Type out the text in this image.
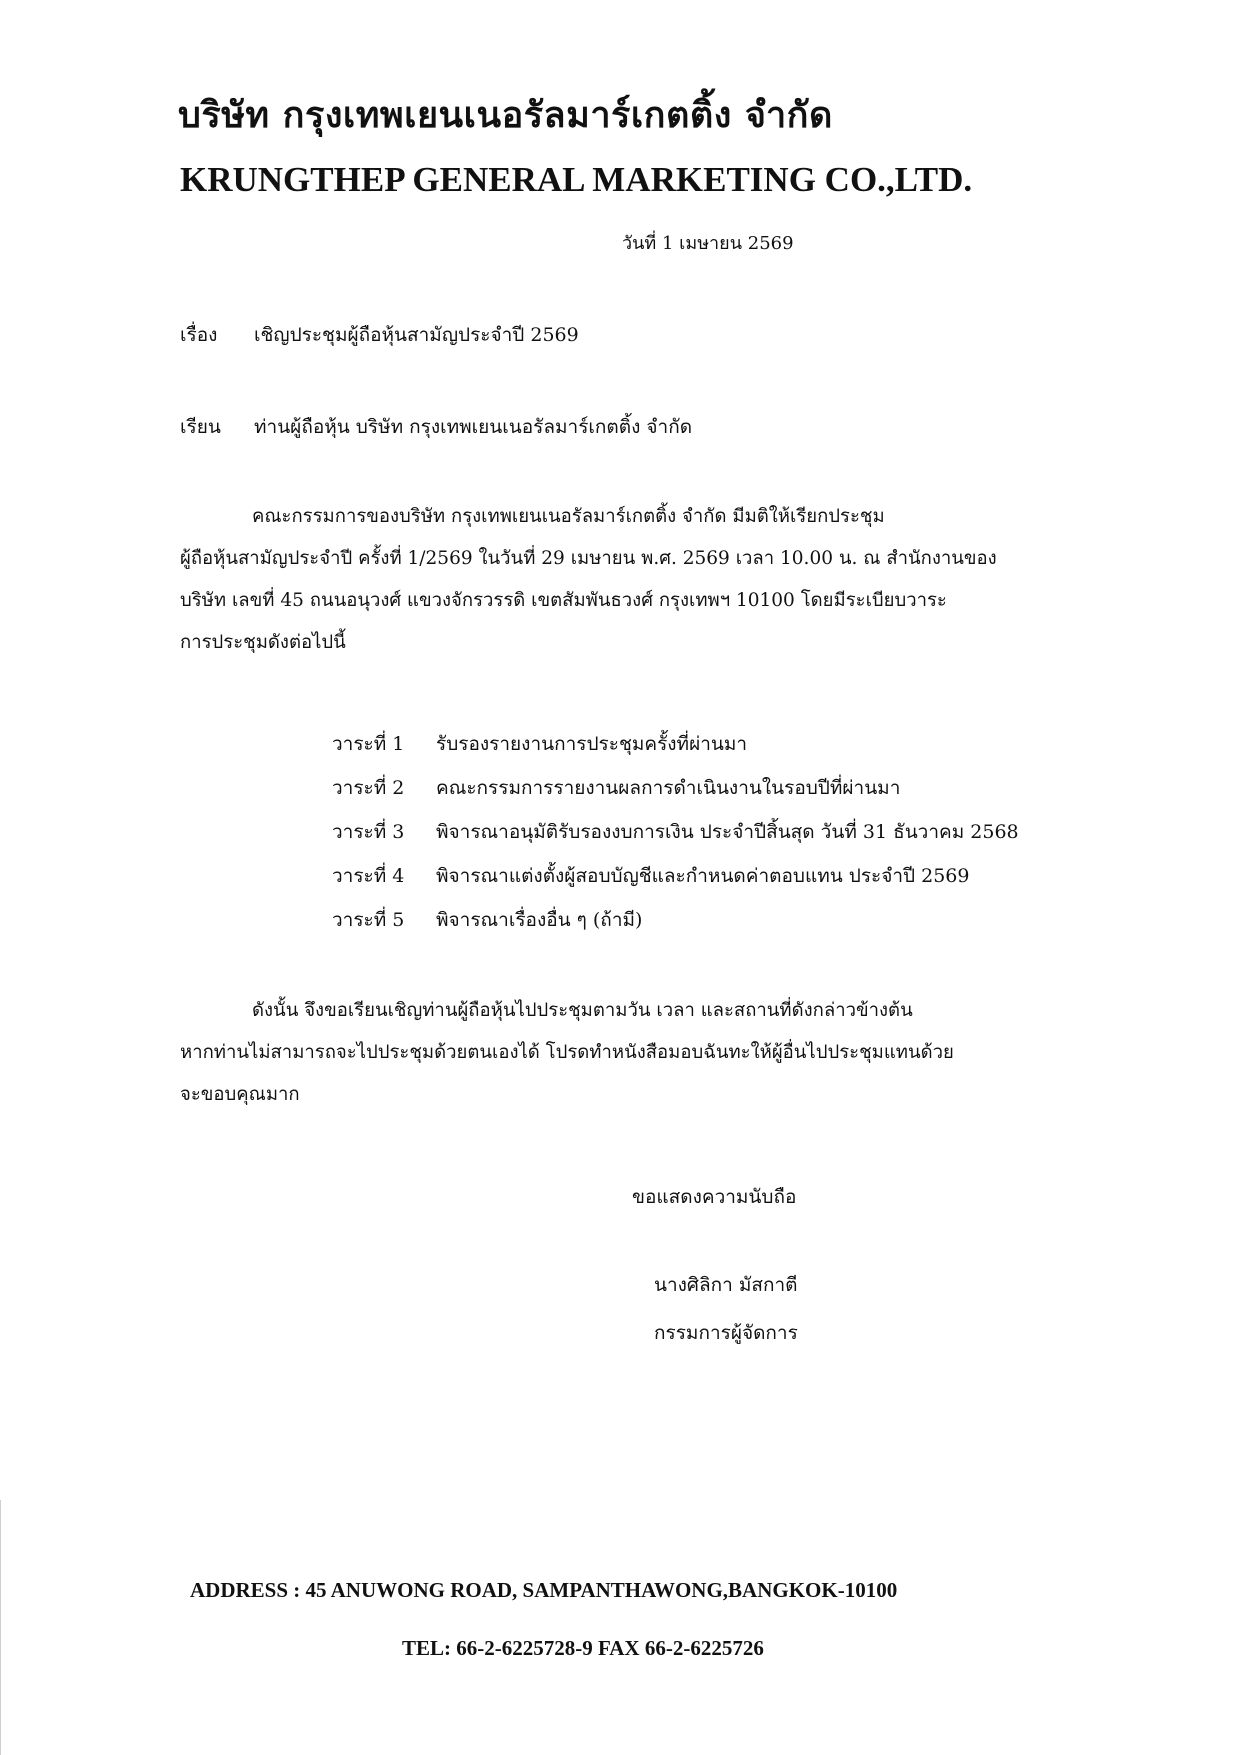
บริษัท กรุงเทพเยนเนอรัลมาร์เกตติ้ง จำกัด
KRUNGTHEP GENERAL MARKETING CO.,LTD.
วันที่ 1 เมษายน 2569
เรื่อง เชิญประชุมผู้ถือหุ้นสามัญประจำปี 2569
เรียน ท่านผู้ถือหุ้น บริษัท กรุงเทพเยนเนอรัลมาร์เกตติ้ง จำกัด
คณะกรรมการของบริษัท กรุงเทพเยนเนอรัลมาร์เกตติ้ง จำกัด มีมติให้เรียกประชุม
ผู้ถือหุ้นสามัญประจำปี ครั้งที่ 1/2569 ในวันที่ 29 เมษายน พ.ศ. 2569 เวลา 10.00 น. ณ สำนักงานของ
บริษัท เลขที่ 45 ถนนอนุวงศ์ แขวงจักรวรรดิ เขตสัมพันธวงศ์ กรุงเทพฯ 10100 โดยมีระเบียบวาระ
การประชุมดังต่อไปนี้
วาระที่ 1 รับรองรายงานการประชุมครั้งที่ผ่านมา
วาระที่ 2 คณะกรรมการรายงานผลการดำเนินงานในรอบปีที่ผ่านมา
วาระที่ 3 พิจารณาอนุมัติรับรองงบการเงิน ประจำปีสิ้นสุด วันที่ 31 ธันวาคม 2568
วาระที่ 4 พิจารณาแต่งตั้งผู้สอบบัญชีและกำหนดค่าตอบแทน ประจำปี 2569
วาระที่ 5 พิจารณาเรื่องอื่น ๆ (ถ้ามี)
ดังนั้น จึงขอเรียนเชิญท่านผู้ถือหุ้นไปประชุมตามวัน เวลา และสถานที่ดังกล่าวข้างต้น
หากท่านไม่สามารถจะไปประชุมด้วยตนเองได้ โปรดทำหนังสือมอบฉันทะให้ผู้อื่นไปประชุมแทนด้วย
จะขอบคุณมาก
ขอแสดงความนับถือ
นางศิลิกา มัสกาตี
กรรมการผู้จัดการ
ADDRESS : 45 ANUWONG ROAD, SAMPANTHAWONG,BANGKOK-10100
TEL: 66-2-6225728-9 FAX 66-2-6225726
